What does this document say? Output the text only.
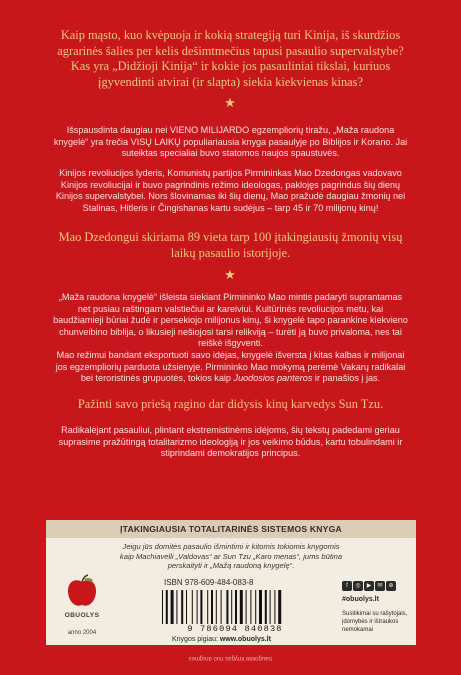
Kaip mąsto, kuo kvėpuoja ir kokią strategiją turi Kinija, iš skurdžios agrarinės šalies per kelis dešimtmečius tapusi pasaulio supervalstybe? Kas yra „Didžioji Kinija“ ir kokie jos pasauliniai tikslai, kuriuos įgyvendinti atvirai (ir slapta) siekia kiekvienas kinas?
★
Išspausdinta daugiau nei VIENO MILIJARDO egzempliorių tiražu, „Maža raudona knygelė“ yra trečia VISŲ LAIKŲ populiariausia knyga pasaulyje po Biblijos ir Korano. Jai suteiktas specialiai buvo statomos naujos spaustuvės.
Kinijos revoliucijos lyderis, Komunistų partijos Pirmininkas Mao Dzedongas vadovavo Kinijos revoliucijai ir buvo pagrindinis režimo ideologas, paklojęs pagrindus šių dienų Kinijos supervalstybei. Nors šlovinamas iki šių dienų, Mao pražudė daugiau žmonių nei Stalinas, Hitleris ir Čingishanas kartu sudėjus – tarp 45 ir 70 milijonų kinų!
Mao Dzedongui skiriama 89 vieta tarp 100 įtakingiausių žmonių visų laikų pasaulio istorijoje.
★
„Maža raudona knygelė“ išleista siekiant Pirmininko Mao mintis padaryti suprantamas net pusiau raštingam valstiečiui ar kareiviui. Kultūrinės revoliucijos metu, kai baudžiamieji būriai žudė ir persekiojo milijonus kinų, ši knygelė tapo parankine kiekvieno chunveibino biblija, o likusieji nešiojosi tarsi relikviją – turėti ją buvo privaloma, nes tai reiškė išgyventi.
Mao režimui bandant eksportuoti savo idėjas, knygelė išversta į kitas kalbas ir milijonai jos egzempliorių parduota užsienyje. Pirmininko Mao mokymą perėmė Vakarų radikalai bei teroristinės grupuotės, tokios kaip Juodosios panteros ir panašios į jas.
Pažinti savo priešą ragino dar didysis kinų karvedys Sun Tzu.
Radikalėjant pasauliui, plintant ekstremistinėms idėjoms, šių tekstų padedami geriau suprasime pražūtingą totalitarizmo ideologiją ir jos veikimo būdus, kartu tobulindami ir stiprindami demokratijos principus.
ĮTAKINGIAUSIA TOTALITARINĖS SISTEMOS KNYGA
Jeigu jūs domitės pasaulio išmintimi ir kitomis tokiomis knygomis kaip Machiavelli „Valdovas“ ar Sun Tzu „Karo menas“, jums būtina perskaityti ir „Mažą raudoną knygelę“.
OBUOLYS
anno 2004
ISBN 978-609-484-083-8
9 786094 840838
Knygos pigiau: www.obuolys.lt
f ◎ ▶ ✉ ⊕
#obuolys.lt
Susitikimai su rašytojais, įdomybės ir ištraukos nemokamai
Saugokite knygas nuo drėgmės
